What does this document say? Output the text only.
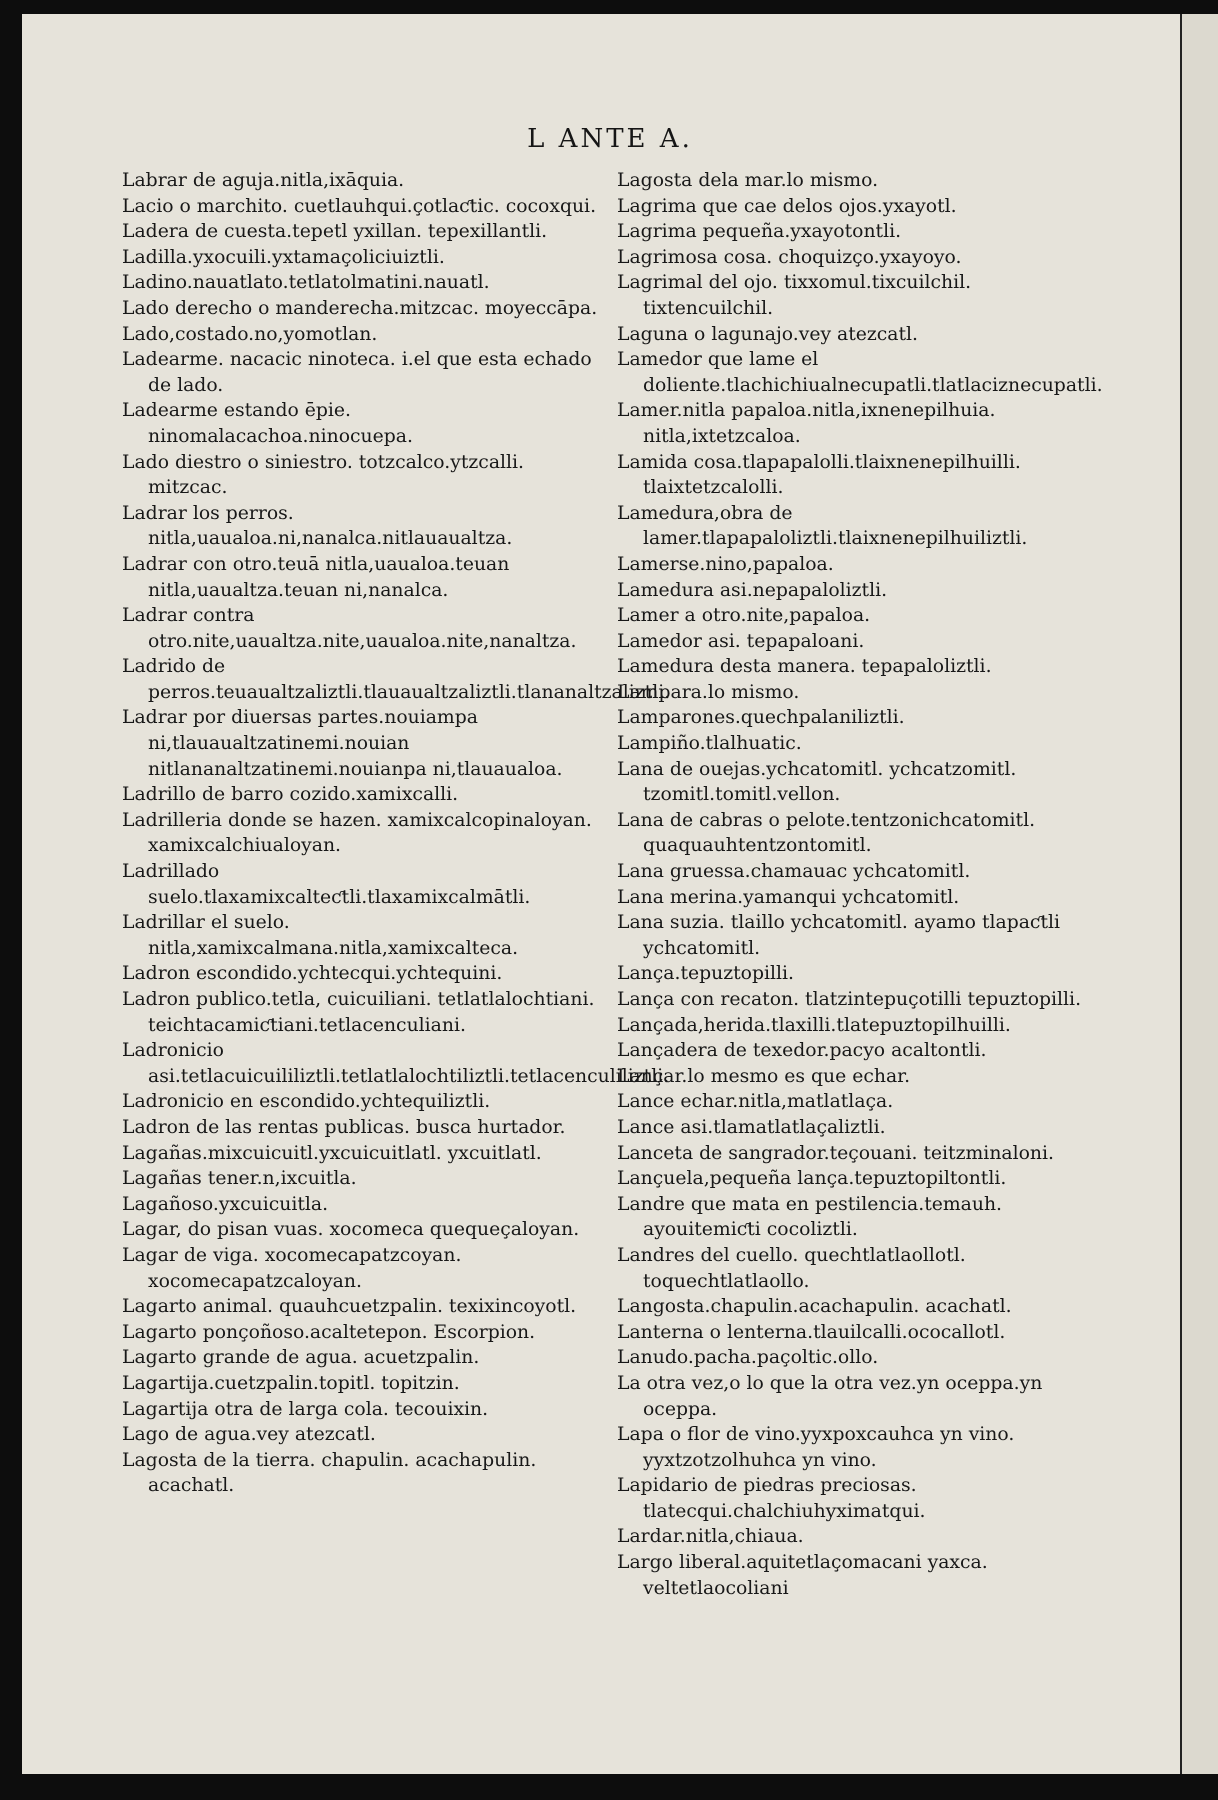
L ANTE A.
Labrar de aguja.nitla,ixāquia.
Lacio o marchito. cuetlauhqui.çotlaƈtic. cocoxqui.
Ladera de cuesta.tepetl yxillan. tepexillantli.
Ladilla.yxocuili.yxtamaçoliciuiztli.
Ladino.nauatlato.tetlatolmatini.nauatl.
Lado derecho o manderecha.mitzcac. moyeccāpa.
Lado,costado.no,yomotlan.
Ladearme. nacacic ninoteca. i.el que esta echado de lado.
Ladearme estando ēpie. ninomalacachoa.ninocuepa.
Lado diestro o siniestro. totzcalco.ytzcalli. mitzcac.
Ladrar los perros. nitla,uaualoa.ni,nanalca.nitlauaualtza.
Ladrar con otro.teuā nitla,uaualoa.teuan nitla,uaualtza.teuan ni,nanalca.
Ladrar contra otro.nite,uaualtza.nite,uaualoa.nite,nanaltza.
Ladrido de perros.teuaualtzaliztli.tlauaualtzaliztli.tlananaltzaliztli.
Ladrar por diuersas partes.nouiampa ni,tlauaualtzatinemi.nouian nitlananaltzatinemi.nouianpa ni,tlauaualoa.
Ladrillo de barro cozido.xamixcalli.
Ladrilleria donde se hazen. xamixcalcopinaloyan. xamixcalchiualoyan.
Ladrillado suelo.tlaxamixcalteƈtli.tlaxamixcalmātli.
Ladrillar el suelo. nitla,xamixcalmana.nitla,xamixcalteca.
Ladron escondido.ychtecqui.ychtequini.
Ladron publico.tetla, cuicuiliani. tetlatlalochtiani. teichtacamiƈtiani.tetlacenculiani.
Ladronicio asi.tetlacuicuililiztli.tetlatlalochtiliztli.tetlacenculiliztli.
Ladronicio en escondido.ychtequiliztli.
Ladron de las rentas publicas. busca hurtador.
Lagañas.mixcuicuitl.yxcuicuitlatl. yxcuitlatl.
Lagañas tener.n,ixcuitla.
Lagañoso.yxcuicuitla.
Lagar, do pisan vuas. xocomeca quequeçaloyan.
Lagar de viga. xocomecapatzcoyan. xocomecapatzcaloyan.
Lagarto animal. quauhcuetzpalin. texixincoyotl.
Lagarto ponçoñoso.acaltetepon. Escorpion.
Lagarto grande de agua. acuetzpalin.
Lagartija.cuetzpalin.topitl. topitzin.
Lagartija otra de larga cola. tecouixin.
Lago de agua.vey atezcatl.
Lagosta de la tierra. chapulin. acachapulin. acachatl.
Lagosta dela mar.lo mismo.
Lagrima que cae delos ojos.yxayotl.
Lagrima pequeña.yxayotontli.
Lagrimosa cosa. choquizço.yxayoyo.
Lagrimal del ojo. tixxomul.tixcuilchil. tixtencuilchil.
Laguna o lagunajo.vey atezcatl.
Lamedor que lame el doliente.tlachichiualnecupatli.tlatlaciznecupatli.
Lamer.nitla papaloa.nitla,ixnenepilhuia. nitla,ixtetzcaloa.
Lamida cosa.tlapapalolli.tlaixnenepilhuilli. tlaixtetzcalolli.
Lamedura,obra de lamer.tlapapaloliztli.tlaixnenepilhuiliztli.
Lamerse.nino,papaloa.
Lamedura asi.nepapaloliztli.
Lamer a otro.nite,papaloa.
Lamedor asi. tepapaloani.
Lamedura desta manera. tepapaloliztli.
Lampara.lo mismo.
Lamparones.quechpalaniliztli.
Lampiño.tlalhuatic.
Lana de ouejas.ychcatomitl. ychcatzomitl. tzomitl.tomitl.vellon.
Lana de cabras o pelote.tentzonichcatomitl. quaquauhtentzontomitl.
Lana gruessa.chamauac ychcatomitl.
Lana merina.yamanqui ychcatomitl.
Lana suzia. tlaillo ychcatomitl. ayamo tlapaƈtli ychcatomitl.
Lança.tepuztopilli.
Lança con recaton. tlatzintepuçotilli tepuztopilli.
Lançada,herida.tlaxilli.tlatepuztopilhuilli.
Lançadera de texedor.pacyo acaltontli.
Lançar.lo mesmo es que echar.
Lance echar.nitla,matlatlaça.
Lance asi.tlamatlatlaçaliztli.
Lanceta de sangrador.teçouani. teitzminaloni.
Lançuela,pequeña lança.tepuztopiltontli.
Landre que mata en pestilencia.temauh. ayouitemiƈti cocoliztli.
Landres del cuello. quechtlatlaollotl. toquechtlatlaollo.
Langosta.chapulin.acachapulin. acachatl.
Lanterna o lenterna.tlauilcalli.ococallotl.
Lanudo.pacha.paçoltic.ollo.
La otra vez,o lo que la otra vez.yn oceppa.yn oceppa.
Lapa o flor de vino.yyxpoxcauhca yn vino. yyxtzotzolhuhca yn vino.
Lapidario de piedras preciosas. tlatecqui.chalchiuhyximatqui.
Lardar.nitla,chiaua.
Largo liberal.aquitetlaçomacani yaxca. veltetlaocoliani
